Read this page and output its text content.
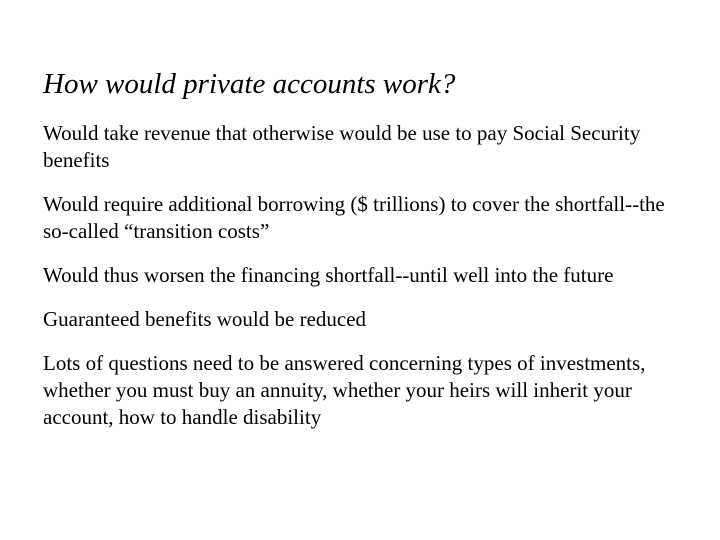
How would private accounts work?
Would take revenue that otherwise would be use to pay Social Security benefits
Would require additional borrowing ($ trillions) to cover the shortfall--the so-called “transition costs”
Would thus worsen the financing shortfall--until well into the future
Guaranteed benefits would be reduced
Lots of questions need to be answered concerning types of investments, whether you must buy an annuity, whether your heirs will inherit your account, how to handle disability
